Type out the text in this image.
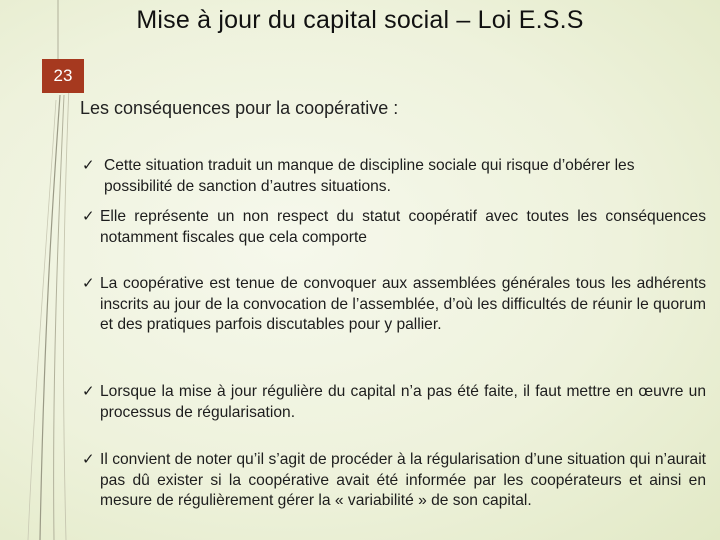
Mise à jour du capital social – Loi E.S.S
23
Les conséquences pour la coopérative :
✓ Cette situation traduit un manque de discipline sociale qui risque d’obérer les possibilité de sanction d’autres situations.
✓ Elle représente un non respect du statut coopératif avec toutes les conséquences notamment fiscales que cela comporte
✓ La coopérative est tenue de convoquer aux assemblées générales tous les adhérents inscrits au jour de la convocation de l’assemblée, d’où les difficultés de réunir le quorum et des pratiques parfois discutables pour y pallier.
✓ Lorsque la mise à jour régulière du capital n’a pas été faite, il faut mettre en œuvre un processus de régularisation.
✓ Il convient de noter qu’il s’agit de procéder à la régularisation d’une situation qui n’aurait pas dû exister si la coopérative avait été informée par les coopérateurs et ainsi en mesure de régulièrement gérer la « variabilité » de son capital.
